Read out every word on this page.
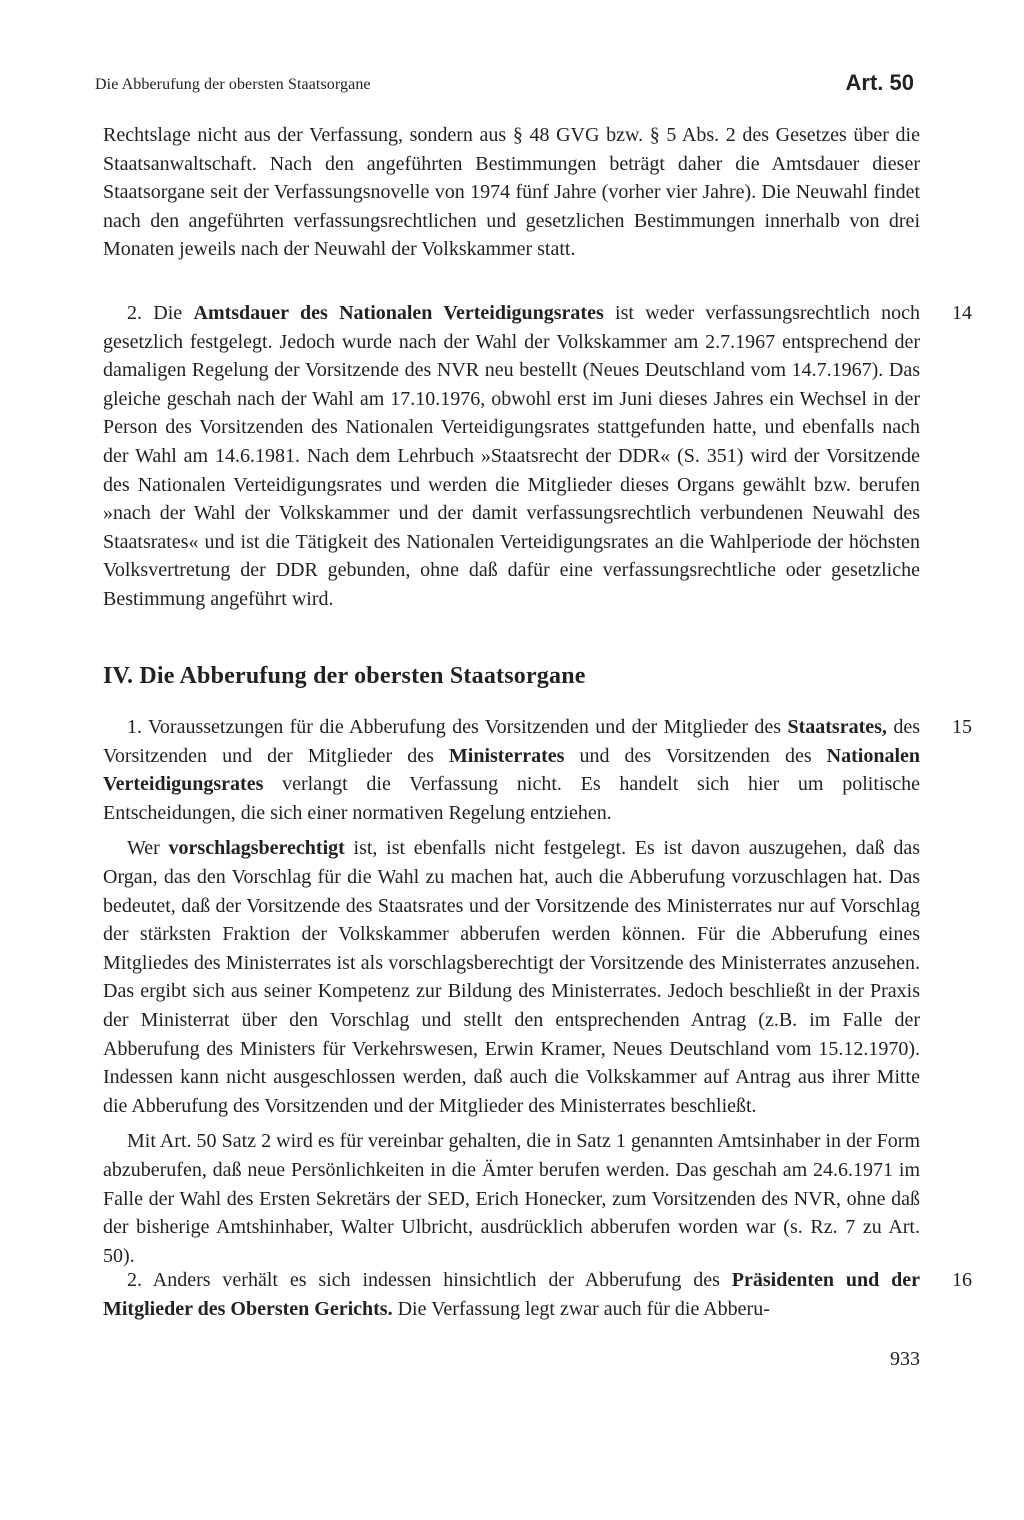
Die Abberufung der obersten Staatsorgane	Art. 50

Rechtslage nicht aus der Verfassung, sondern aus § 48 GVG bzw. § 5 Abs. 2 des Gesetzes über die Staatsanwaltschaft. Nach den angeführten Bestimmungen beträgt daher die Amtsdauer dieser Staatsorgane seit der Verfassungsnovelle von 1974 fünf Jahre (vorher vier Jahre). Die Neuwahl findet nach den angeführten verfassungsrechtlichen und gesetzlichen Bestimmungen innerhalb von drei Monaten jeweils nach der Neuwahl der Volkskammer statt.

14

2. Die Amtsdauer des Nationalen Verteidigungsrates ist weder verfassungsrechtlich noch gesetzlich festgelegt. Jedoch wurde nach der Wahl der Volkskammer am 2.7.1967 entsprechend der damaligen Regelung der Vorsitzende des NVR neu bestellt (Neues Deutschland vom 14.7.1967). Das gleiche geschah nach der Wahl am 17.10.1976, obwohl erst im Juni dieses Jahres ein Wechsel in der Person des Vorsitzenden des Nationalen Verteidigungsrates stattgefunden hatte, und ebenfalls nach der Wahl am 14.6.1981. Nach dem Lehrbuch »Staatsrecht der DDR« (S. 351) wird der Vorsitzende des Nationalen Verteidigungsrates und werden die Mitglieder dieses Organs gewählt bzw. berufen »nach der Wahl der Volkskammer und der damit verfassungsrechtlich verbundenen Neuwahl des Staatsrates« und ist die Tätigkeit des Nationalen Verteidigungsrates an die Wahlperiode der höchsten Volksvertretung der DDR gebunden, ohne daß dafür eine verfassungsrechtliche oder gesetzliche Bestimmung angeführt wird.

IV. Die Abberufung der obersten Staatsorgane
15

1. Voraussetzungen für die Abberufung des Vorsitzenden und der Mitglieder des Staatsrates, des Vorsitzenden und der Mitglieder des Ministerrates und des Vorsitzenden des Nationalen Verteidigungsrates verlangt die Verfassung nicht. Es handelt sich hier um politische Entscheidungen, die sich einer normativen Regelung entziehen.

Wer vorschlagsberechtigt ist, ist ebenfalls nicht festgelegt. Es ist davon auszugehen, daß das Organ, das den Vorschlag für die Wahl zu machen hat, auch die Abberufung vorzuschlagen hat. Das bedeutet, daß der Vorsitzende des Staatsrates und der Vorsitzende des Ministerrates nur auf Vorschlag der stärksten Fraktion der Volkskammer abberufen werden können. Für die Abberufung eines Mitgliedes des Ministerrates ist als vorschlagsberechtigt der Vorsitzende des Ministerrates anzusehen. Das ergibt sich aus seiner Kompetenz zur Bildung des Ministerrates. Jedoch beschließt in der Praxis der Ministerrat über den Vorschlag und stellt den entsprechenden Antrag (z.B. im Falle der Abberufung des Ministers für Verkehrswesen, Erwin Kramer, Neues Deutschland vom 15.12.1970). Indessen kann nicht ausgeschlossen werden, daß auch die Volkskammer auf Antrag aus ihrer Mitte die Abberufung des Vorsitzenden und der Mitglieder des Ministerrates beschließt.

Mit Art. 50 Satz 2 wird es für vereinbar gehalten, die in Satz 1 genannten Amtsinhaber in der Form abzuberufen, daß neue Persönlichkeiten in die Ämter berufen werden. Das geschah am 24.6.1971 im Falle der Wahl des Ersten Sekretärs der SED, Erich Honecker, zum Vorsitzenden des NVR, ohne daß der bisherige Amtshinhaber, Walter Ulbricht, ausdrücklich abberufen worden war (s. Rz. 7 zu Art. 50).

16

2. Anders verhält es sich indessen hinsichtlich der Abberufung des Präsidenten und der Mitglieder des Obersten Gerichts. Die Verfassung legt zwar auch für die Abberu-

933
